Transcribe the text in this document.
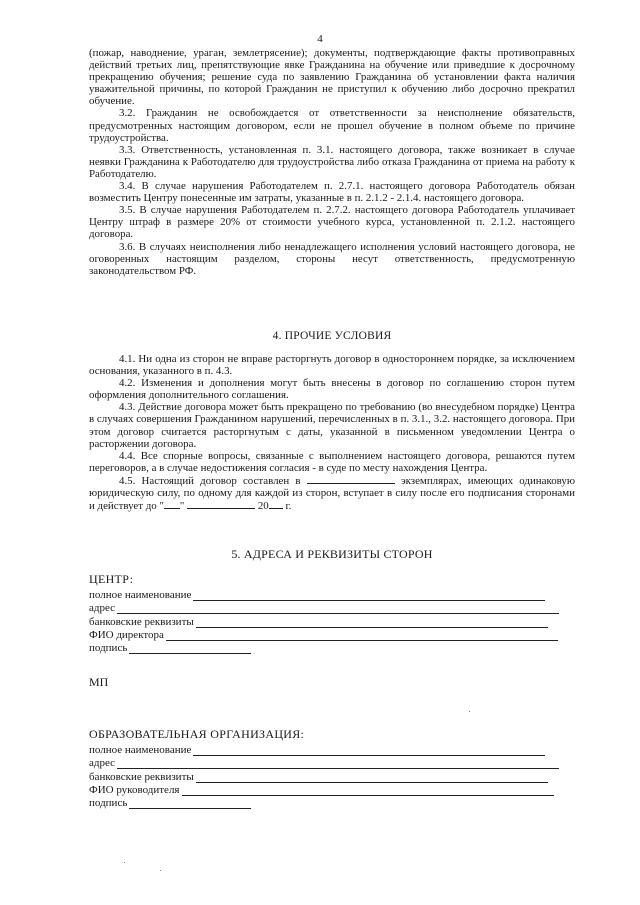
4

(пожар, наводнение, ураган, землетрясение); документы, подтверждающие факты противоправных действий третьих лиц, препятствующие явке Гражданина на обучение или приведшие к досрочному прекращению обучения; решение суда по заявлению Гражданина об установлении факта наличия уважительной причины, по которой Гражданин не приступил к обучению либо досрочно прекратил обучение.

3.2. Гражданин не освобождается от ответственности за неисполнение обязательств, предусмотренных настоящим договором, если не прошел обучение в полном объеме по причине трудоустройства.

3.3. Ответственность, установленная п. 3.1. настоящего договора, также возникает в случае неявки Гражданина к Работодателю для трудоустройства либо отказа Гражданина от приема на работу к Работодателю.

3.4. В случае нарушения Работодателем п. 2.7.1. настоящего договора Работодатель обязан возместить Центру понесенные им затраты, указанные в п. 2.1.2 - 2.1.4. настоящего договора.

3.5. В случае нарушения Работодателем п. 2.7.2. настоящего договора Работодатель уплачивает Центру штраф в размере 20% от стоимости учебного курса, установленной п. 2.1.2. настоящего договора.

3.6. В случаях неисполнения либо ненадлежащего исполнения условий настоящего договора, не оговоренных настоящим разделом, стороны несут ответственность, предусмотренную законодательством РФ.

4. ПРОЧИЕ УСЛОВИЯ

4.1. Ни одна из сторон не вправе расторгнуть договор в одностороннем порядке, за исключением основания, указанного в п. 4.3.

4.2. Изменения и дополнения могут быть внесены в договор по соглашению сторон путем оформления дополнительного соглашения.

4.3. Действие договора может быть прекращено по требованию (во внесудебном порядке) Центра в случаях совершения Гражданином нарушений, перечисленных в п. 3.1., 3.2. настоящего договора. При этом договор считается расторгнутым с даты, указанной в письменном уведомлении Центра о расторжении договора.

4.4. Все спорные вопросы, связанные с выполнением настоящего договора, решаются путем переговоров, а в случае недостижения согласия - в суде по месту нахождения Центра.

4.5. Настоящий договор составлен в	экземплярах, имеющих одинаковую юридическую силу, по одному для каждой из сторон, вступает в силу после его подписания сторонами и действует до " "	20 г.

5. АДРЕСА И РЕКВИЗИТЫ СТОРОН

ЦЕНТР:
полное наименование
адрес
банковские реквизиты
ФИО директора
подпись
МП
ОБРАЗОВАТЕЛЬНАЯ ОРГАНИЗАЦИЯ:
полное наименование
адрес
банковские реквизиты
ФИО руководителя
подпись
